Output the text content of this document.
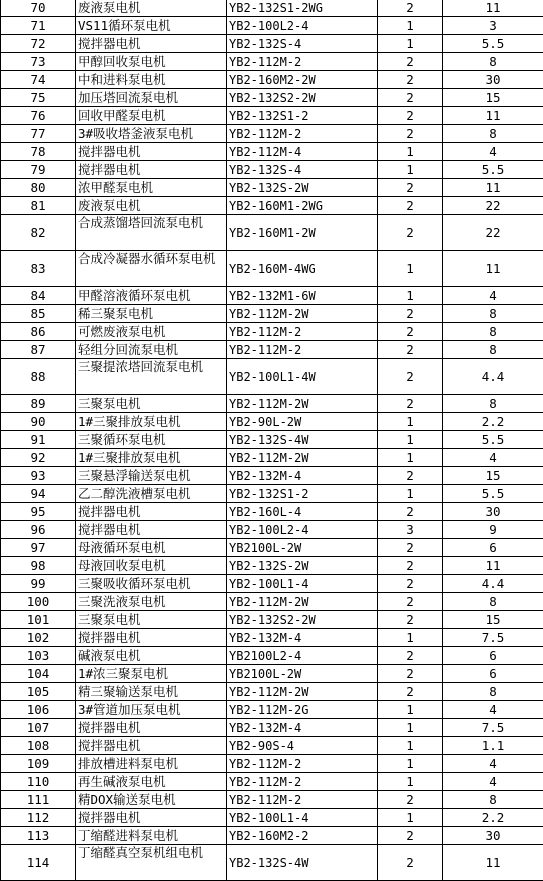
70	废液泵电机	YB2-132S1-2WG	2	11
71	VS11循环泵电机	YB2-100L2-4	1	3
72	搅拌器电机	YB2-132S-4	1	5.5
73	甲醇回收泵电机	YB2-112M-2	2	8
74	中和进料泵电机	YB2-160M2-2W	2	30
75	加压塔回流泵电机	YB2-132S2-2W	2	15
76	回收甲醛泵电机	YB2-132S1-2	2	11
77	3#吸收塔釜液泵电机	YB2-112M-2	2	8
78	搅拌器电机	YB2-112M-4	1	4
79	搅拌器电机	YB2-132S-4	1	5.5
80	浓甲醛泵电机	YB2-132S-2W	2	11
81	废液泵电机	YB2-160M1-2WG	2	22
82	合成蒸馏塔回流泵电机	YB2-160M1-2W	2	22
83	合成冷凝器水循环泵电机	YB2-160M-4WG	1	11
84	甲醛溶液循环泵电机	YB2-132M1-6W	1	4
85	稀三聚泵电机	YB2-112M-2W	2	8
86	可燃废液泵电机	YB2-112M-2	2	8
87	轻组分回流泵电机	YB2-112M-2	2	8
88	三聚提浓塔回流泵电机	YB2-100L1-4W	2	4.4
89	三聚泵电机	YB2-112M-2W	2	8
90	1#三聚排放泵电机	YB2-90L-2W	1	2.2
91	三聚循环泵电机	YB2-132S-4W	1	5.5
92	1#三聚排放泵电机	YB2-112M-2W	1	4
93	三聚悬浮输送泵电机	YB2-132M-4	2	15
94	乙二醇洗液槽泵电机	YB2-132S1-2	1	5.5
95	搅拌器电机	YB2-160L-4	2	30
96	搅拌器电机	YB2-100L2-4	3	9
97	母液循环泵电机	YB2100L-2W	2	6
98	母液回收泵电机	YB2-132S-2W	2	11
99	三聚吸收循环泵电机	YB2-100L1-4	2	4.4
100	三聚洗液泵电机	YB2-112M-2W	2	8
101	三聚泵电机	YB2-132S2-2W	2	15
102	搅拌器电机	YB2-132M-4	1	7.5
103	碱液泵电机	YB2100L2-4	2	6
104	1#浓三聚泵电机	YB2100L-2W	2	6
105	精三聚输送泵电机	YB2-112M-2W	2	8
106	3#管道加压泵电机	YB2-112M-2G	1	4
107	搅拌器电机	YB2-132M-4	1	7.5
108	搅拌器电机	YB2-90S-4	1	1.1
109	排放槽进料泵电机	YB2-112M-2	1	4
110	再生碱液泵电机	YB2-112M-2	1	4
111	精DOX输送泵电机	YB2-112M-2	2	8
112	搅拌器电机	YB2-100L1-4	1	2.2
113	丁缩醛进料泵电机	YB2-160M2-2	2	30
114	丁缩醛真空泵机组电机	YB2-132S-4W	2	11
